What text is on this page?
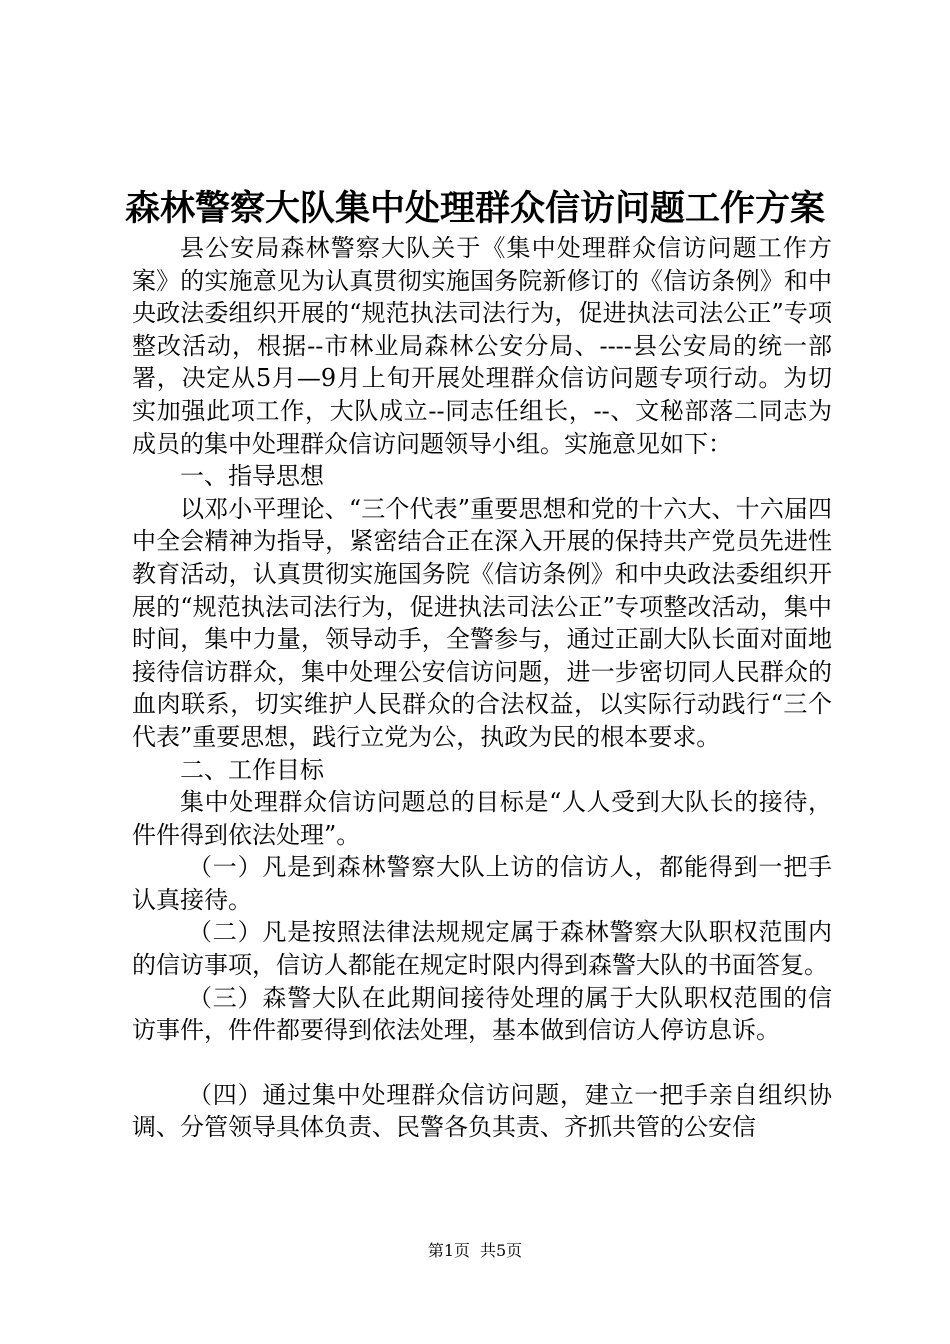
森林警察大队集中处理群众信访问题工作方案

县公安局森林警察大队关于《集中处理群众信访问题工作方案》的实施意见为认真贯彻实施国务院新修订的《信访条例》和中央政法委组织开展的“规范执法司法行为，促进执法司法公正”专项整改活动，根据--市林业局森林公安分局、----县公安局的统一部署，决定从5月—9月上旬开展处理群众信访问题专项行动。为切实加强此项工作，大队成立--同志任组长，--、文秘部落二同志为成员的集中处理群众信访问题领导小组。实施意见如下：

一、指导思想

以邓小平理论、“三个代表”重要思想和党的十六大、十六届四中全会精神为指导，紧密结合正在深入开展的保持共产党员先进性教育活动，认真贯彻实施国务院《信访条例》和中央政法委组织开展的“规范执法司法行为，促进执法司法公正”专项整改活动，集中时间，集中力量，领导动手，全警参与，通过正副大队长面对面地接待信访群众，集中处理公安信访问题，进一步密切同人民群众的血肉联系，切实维护人民群众的合法权益，以实际行动践行“三个代表”重要思想，践行立党为公，执政为民的根本要求。

二、工作目标

集中处理群众信访问题总的目标是“人人受到大队长的接待，件件得到依法处理”。

（一）凡是到森林警察大队上访的信访人，都能得到一把手认真接待。

（二）凡是按照法律法规规定属于森林警察大队职权范围内的信访事项，信访人都能在规定时限内得到森警大队的书面答复。

（三）森警大队在此期间接待处理的属于大队职权范围的信访事件，件件都要得到依法处理，基本做到信访人停访息诉。

（四）通过集中处理群众信访问题，建立一把手亲自组织协调、分管领导具体负责、民警各负其责、齐抓共管的公安信

第1页 共5页
